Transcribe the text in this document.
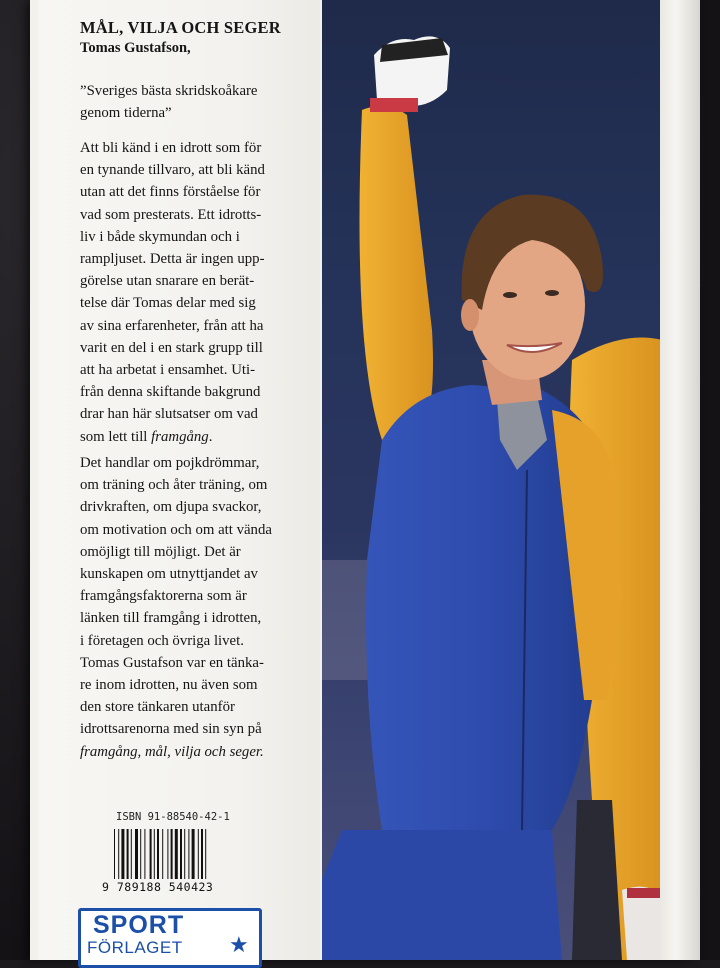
MÅL, VILJA OCH SEGER
Tomas Gustafson,
”Sveriges bästa skridskoåkare
genom tiderna”
Att bli känd i en idrott som för
en tynande tillvaro, att bli känd
utan att det finns förståelse för
vad som presterats. Ett idrotts-
liv i både skymundan och i
rampljuset. Detta är ingen upp-
görelse utan snarare en berät-
telse där Tomas delar med sig
av sina erfarenheter, från att ha
varit en del i en stark grupp till
att ha arbetat i ensamhet. Uti-
från denna skiftande bakgrund
drar han här slutsatser om vad
som lett till framgång.
Det handlar om pojkdrömmar,
om träning och åter träning, om
drivkraften, om djupa svackor,
om motivation och om att vända
omöjligt till möjligt. Det är
kunskapen om utnyttjandet av
framgångsfaktorerna som är
länken till framgång i idrotten,
i företagen och övriga livet.
Tomas Gustafson var en tänka-
re inom idrotten, nu även som
den store tänkaren utanför
idrottsarenorna med sin syn på
framgång, mål, vilja och seger.
ISBN 91-88540-42-1
9 789188 540423
SPORT
FÖRLAGET ★
